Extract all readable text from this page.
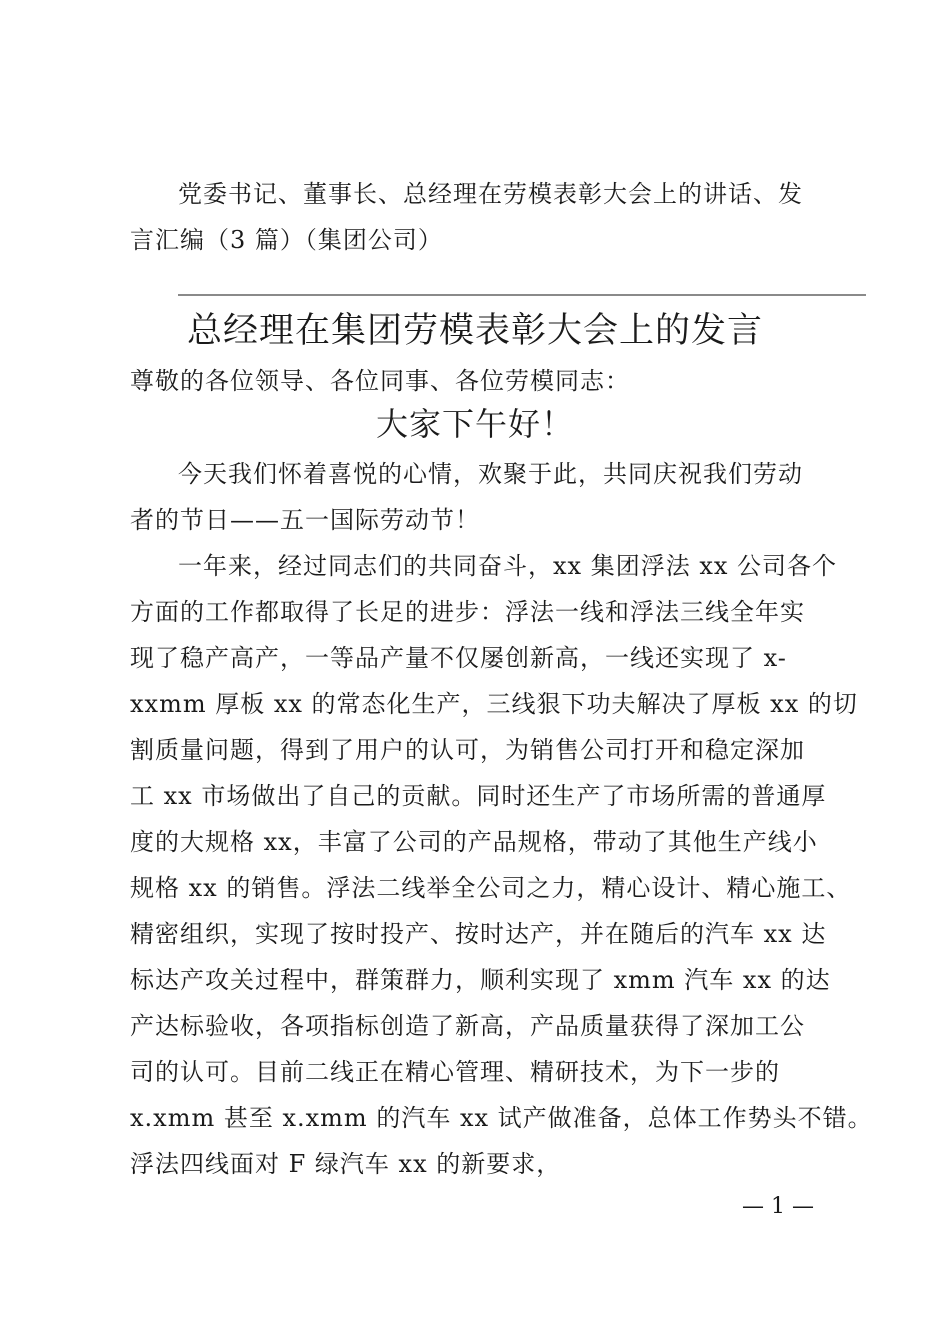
党委书记、董事长、总经理在劳模表彰大会上的讲话、发
言汇编（3 篇）（集团公司）
总经理在集团劳模表彰大会上的发言
尊敬的各位领导、各位同事、各位劳模同志：
大家下午好！
今天我们怀着喜悦的心情，欢聚于此，共同庆祝我们劳动
者的节日——五一国际劳动节！
一年来，经过同志们的共同奋斗，xx 集团浮法 xx 公司各个
方面的工作都取得了长足的进步：浮法一线和浮法三线全年实
现了稳产高产，一等品产量不仅屡创新高，一线还实现了 x-
xxmm 厚板 xx 的常态化生产，三线狠下功夫解决了厚板 xx 的切
割质量问题，得到了用户的认可，为销售公司打开和稳定深加
工 xx 市场做出了自己的贡献。同时还生产了市场所需的普通厚
度的大规格 xx，丰富了公司的产品规格，带动了其他生产线小
规格 xx 的销售。浮法二线举全公司之力，精心设计、精心施工、
精密组织，实现了按时投产、按时达产，并在随后的汽车 xx 达
标达产攻关过程中，群策群力，顺利实现了 xmm 汽车 xx 的达
产达标验收，各项指标创造了新高，产品质量获得了深加工公
司的认可。目前二线正在精心管理、精研技术，为下一步的
x.xmm 甚至 x.xmm 的汽车 xx 试产做准备，总体工作势头不错。
浮法四线面对 F 绿汽车 xx 的新要求，
— 1 —
